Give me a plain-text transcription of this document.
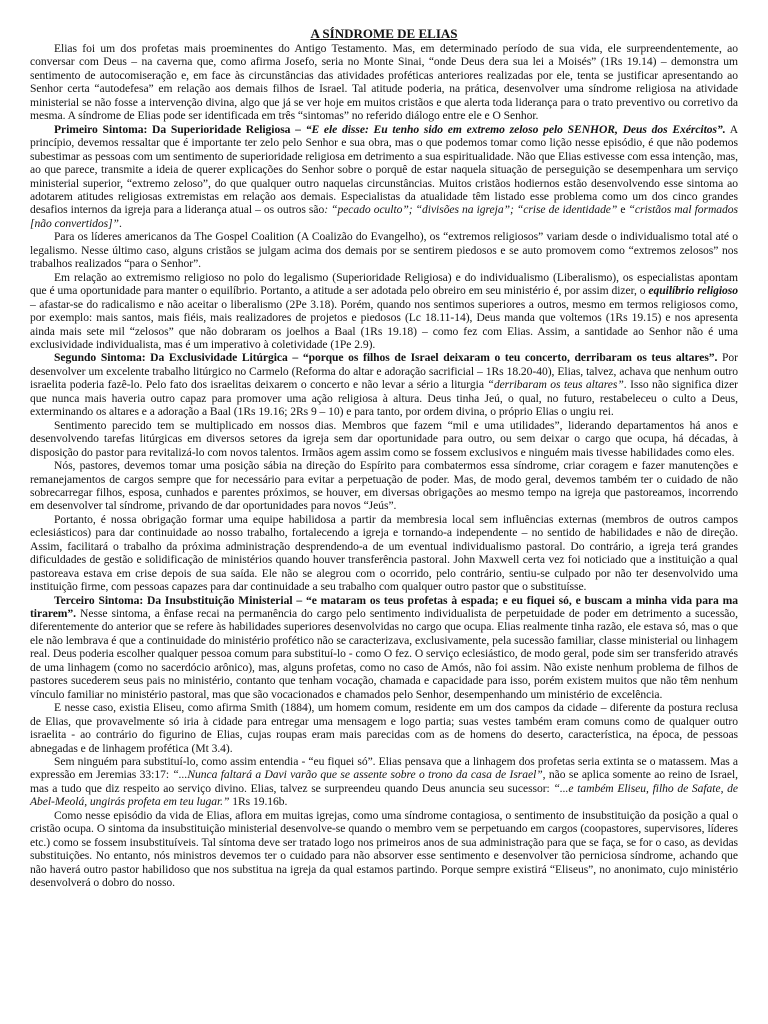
A SÍNDROME DE ELIAS

Elias foi um dos profetas mais proeminentes do Antigo Testamento. Mas, em determinado período de sua vida, ele surpreendentemente, ao conversar com Deus – na caverna que, como afirma Josefo, seria no Monte Sinai, “onde Deus dera sua lei a Moisés” (1Rs 19.14) – demonstra um sentimento de autocomiseração e, em face às circunstâncias das atividades proféticas anteriores realizadas por ele, tenta se justificar apresentando ao Senhor certa “autodefesa” em relação aos demais filhos de Israel. Tal atitude poderia, na prática, desenvolver uma síndrome religiosa na atividade ministerial se não fosse a intervenção divina, algo que já se ver hoje em muitos cristãos e que alerta toda liderança para o trato preventivo ou corretivo da mesma. A síndrome de Elias pode ser identificada em três “sintomas” no referido diálogo entre ele e O Senhor.

Primeiro Sintoma: Da Superioridade Religiosa – “E ele disse: Eu tenho sido em extremo zeloso pelo SENHOR, Deus dos Exércitos”. A princípio, devemos ressaltar que é importante ter zelo pelo Senhor e sua obra, mas o que podemos tomar como lição nesse episódio, é que não podemos subestimar as pessoas com um sentimento de superioridade religiosa em detrimento a sua espiritualidade. Não que Elias estivesse com essa intenção, mas, ao que parece, transmite a ideia de querer explicações do Senhor sobre o porquê de estar naquela situação de perseguição se desempenhara um serviço ministerial superior, “extremo zeloso”, do que qualquer outro naquelas circunstâncias. Muitos cristãos hodiernos estão desenvolvendo esse sintoma ao adotarem atitudes religiosas extremistas em relação aos demais. Especialistas da atualidade têm listado esse problema como um dos cinco grandes desafios internos da igreja para a liderança atual – os outros são: “pecado oculto”; “divisões na igreja”; “crise de identidade” e “cristãos mal formados [não convertidos]”.

Para os líderes americanos da The Gospel Coalition (A Coalizão do Evangelho), os “extremos religiosos” variam desde o individualismo total até o legalismo. Nesse último caso, alguns cristãos se julgam acima dos demais por se sentirem piedosos e se auto promovem como “extremos zelosos” nos trabalhos realizados “para o Senhor”.

Em relação ao extremismo religioso no polo do legalismo (Superioridade Religiosa) e do individualismo (Liberalismo), os especialistas apontam que é uma oportunidade para manter o equilíbrio. Portanto, a atitude a ser adotada pelo obreiro em seu ministério é, por assim dizer, o equilíbrio religioso – afastar-se do radicalismo e não aceitar o liberalismo (2Pe 3.18). Porém, quando nos sentimos superiores a outros, mesmo em termos religiosos como, por exemplo: mais santos, mais fiéis, mais realizadores de projetos e piedosos (Lc 18.11-14), Deus manda que voltemos (1Rs 19.15) e nos apresenta ainda mais sete mil “zelosos” que não dobraram os joelhos a Baal (1Rs 19.18) – como fez com Elias. Assim, a santidade ao Senhor não é uma exclusividade individualista, mas é um imperativo à coletividade (1Pe 2.9).

Segundo Sintoma: Da Exclusividade Litúrgica – “porque os filhos de Israel deixaram o teu concerto, derribaram os teus altares”. Por desenvolver um excelente trabalho litúrgico no Carmelo (Reforma do altar e adoração sacrificial – 1Rs 18.20-40), Elias, talvez, achava que nenhum outro israelita poderia fazê-lo. Pelo fato dos israelitas deixarem o concerto e não levar a sério a liturgia “derribaram os teus altares”. Isso não significa dizer que nunca mais haveria outro capaz para promover uma ação religiosa à altura. Deus tinha Jeú, o qual, no futuro, restabeleceu o culto a Deus, exterminando os altares e a adoração a Baal (1Rs 19.16; 2Rs 9 – 10) e para tanto, por ordem divina, o próprio Elias o ungiu rei.

Sentimento parecido tem se multiplicado em nossos dias. Membros que fazem “mil e uma utilidades”, liderando departamentos há anos e desenvolvendo tarefas litúrgicas em diversos setores da igreja sem dar oportunidade para outro, ou sem deixar o cargo que ocupa, há décadas, à disposição do pastor para revitalizá-lo com novos talentos. Irmãos agem assim como se fossem exclusivos e ninguém mais tivesse habilidades como eles.

Nós, pastores, devemos tomar uma posição sábia na direção do Espírito para combatermos essa síndrome, criar coragem e fazer manutenções e remanejamentos de cargos sempre que for necessário para evitar a perpetuação de poder. Mas, de modo geral, devemos também ter o cuidado de não sobrecarregar filhos, esposa, cunhados e parentes próximos, se houver, em diversas obrigações ao mesmo tempo na igreja que pastoreamos, incorrendo em desenvolver tal síndrome, privando de dar oportunidades para novos “Jeús”.

Portanto, é nossa obrigação formar uma equipe habilidosa a partir da membresia local sem influências externas (membros de outros campos eclesiásticos) para dar continuidade ao nosso trabalho, fortalecendo a igreja e tornando-a independente – no sentido de habilidades e não de direção. Assim, facilitará o trabalho da próxima administração desprendendo-a de um eventual individualismo pastoral. Do contrário, a igreja terá grandes dificuldades de gestão e solidificação de ministérios quando houver transferência pastoral. John Maxwell certa vez foi noticiado que a instituição a qual pastoreava estava em crise depois de sua saída. Ele não se alegrou com o ocorrido, pelo contrário, sentiu-se culpado por não ter desenvolvido uma instituição firme, com pessoas capazes para dar continuidade a seu trabalho com qualquer outro pastor que o substituísse.

Terceiro Sintoma: Da Insubstituição Ministerial – “e mataram os teus profetas à espada; e eu fiquei só, e buscam a minha vida para ma tirarem”. Nesse sintoma, a ênfase recai na permanência do cargo pelo sentimento individualista de perpetuidade de poder em detrimento a sucessão, diferentemente do anterior que se refere às habilidades superiores desenvolvidas no cargo que ocupa. Elias realmente tinha razão, ele estava só, mas o que ele não lembrava é que a continuidade do ministério profético não se caracterizava, exclusivamente, pela sucessão familiar, classe ministerial ou linhagem real. Deus poderia escolher qualquer pessoa comum para substituí-lo - como O fez. O serviço eclesiástico, de modo geral, pode sim ser transferido através de uma linhagem (como no sacerdócio arônico), mas, alguns profetas, como no caso de Amós, não foi assim. Não existe nenhum problema de filhos de pastores sucederem seus pais no ministério, contanto que tenham vocação, chamada e capacidade para isso, porém existem muitos que não têm nenhum vínculo familiar no ministério pastoral, mas que são vocacionados e chamados pelo Senhor, desempenhando um ministério de excelência.

E nesse caso, existia Eliseu, como afirma Smith (1884), um homem comum, residente em um dos campos da cidade – diferente da postura reclusa de Elias, que provavelmente só iria à cidade para entregar uma mensagem e logo partia; suas vestes também eram comuns como de qualquer outro israelita - ao contrário do figurino de Elias, cujas roupas eram mais parecidas com as de homens do deserto, característica, na época, de pessoas abnegadas e de linhagem profética (Mt 3.4).

Sem ninguém para substituí-lo, como assim entendia - “eu fiquei só”. Elias pensava que a linhagem dos profetas seria extinta se o matassem. Mas a expressão em Jeremias 33:17: “...Nunca faltará a Davi varão que se assente sobre o trono da casa de Israel”, não se aplica somente ao reino de Israel, mas a tudo que diz respeito ao serviço divino. Elias, talvez se surpreendeu quando Deus anuncia seu sucessor: “...e também Eliseu, filho de Safate, de Abel-Meolá, ungirás profeta em teu lugar.” 1Rs 19.16b.

Como nesse episódio da vida de Elias, aflora em muitas igrejas, como uma síndrome contagiosa, o sentimento de insubstituição da posição a qual o cristão ocupa. O sintoma da insubstituição ministerial desenvolve-se quando o membro vem se perpetuando em cargos (coopastores, supervisores, líderes etc.) como se fossem insubstituíveis. Tal síntoma deve ser tratado logo nos primeiros anos de sua administração para que se faça, se for o caso, as devidas substituições. No entanto, nós ministros devemos ter o cuidado para não absorver esse sentimento e desenvolver tão perniciosa síndrome, achando que não haverá outro pastor habilidoso que nos substitua na igreja da qual estamos partindo. Porque sempre existirá “Eliseus”, no anonimato, cujo ministério desenvolverá o dobro do nosso.
